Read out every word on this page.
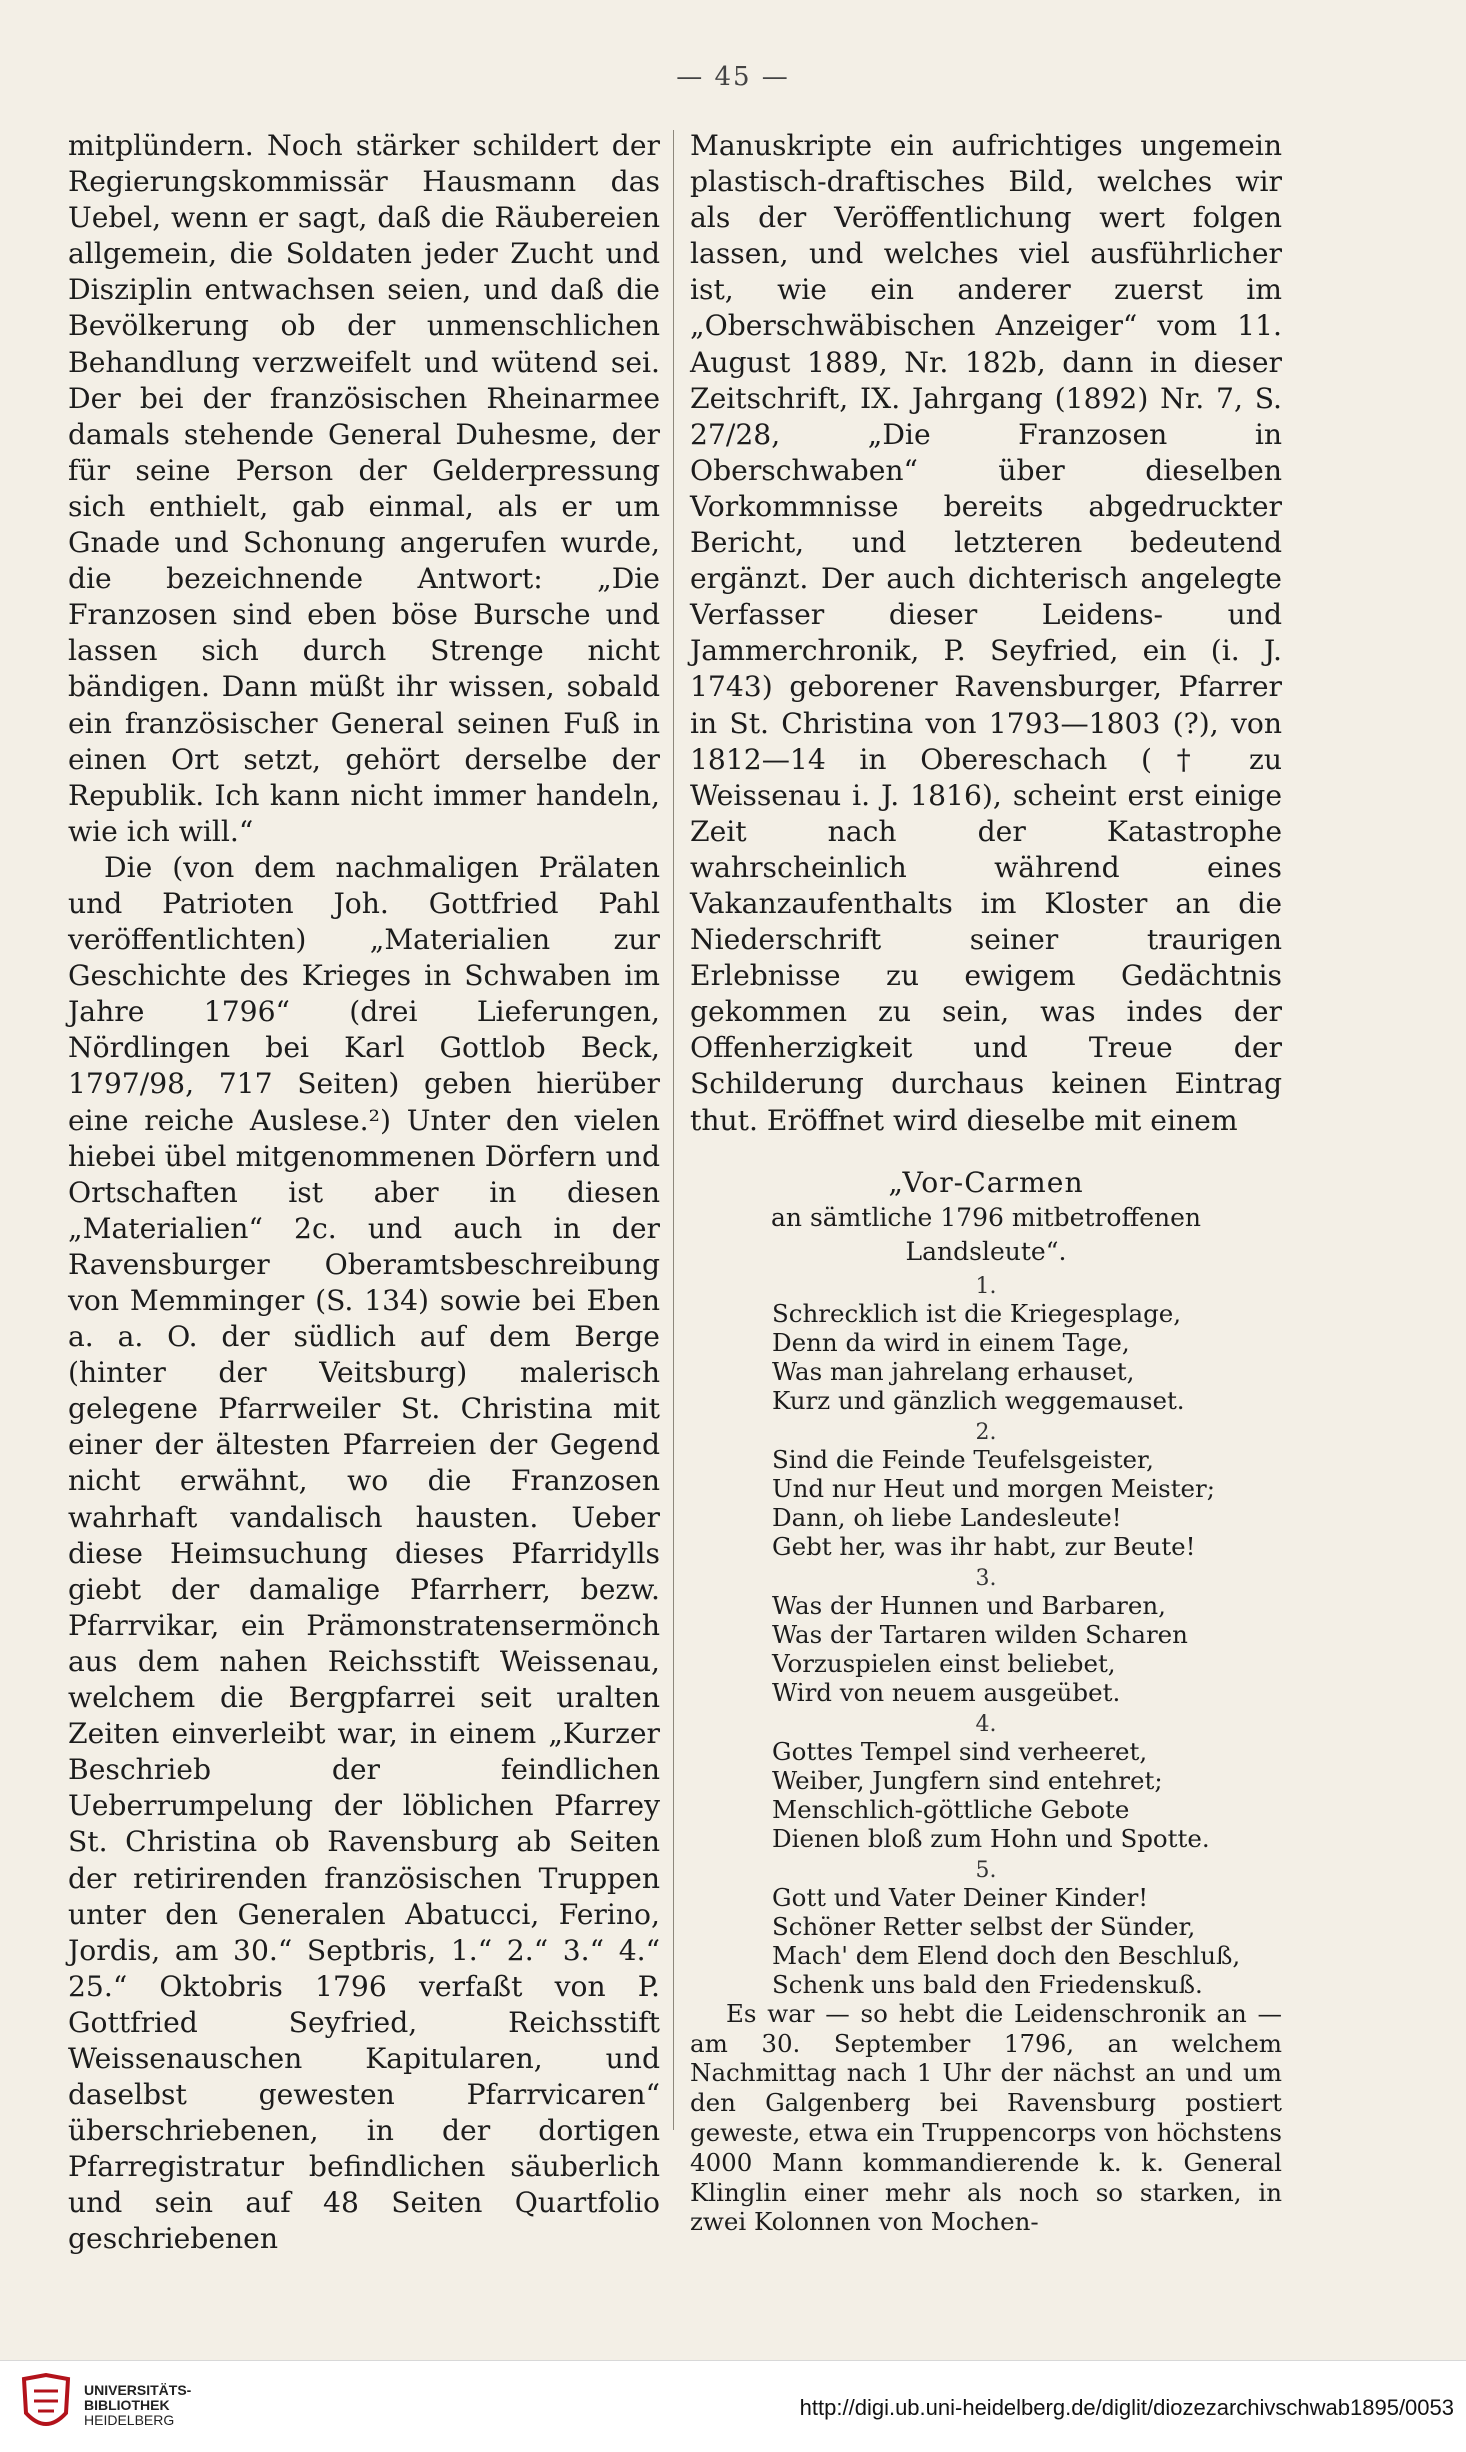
— 45 —

mitplündern. Noch stärker schildert der Regierungskommissär Hausmann das Uebel, wenn er sagt, daß die Räubereien allgemein, die Soldaten jeder Zucht und Disziplin entwachsen seien, und daß die Bevölkerung ob der unmenschlichen Behandlung verzweifelt und wütend sei. Der bei der französischen Rheinarmee damals stehende General Duhesme, der für seine Person der Gelderpressung sich enthielt, gab einmal, als er um Gnade und Schonung angerufen wurde, die bezeichnende Antwort: „Die Franzosen sind eben böse Bursche und lassen sich durch Strenge nicht bändigen. Dann müßt ihr wissen, sobald ein französischer General seinen Fuß in einen Ort setzt, gehört derselbe der Republik. Ich kann nicht immer handeln, wie ich will.“

Die (von dem nachmaligen Prälaten und Patrioten Joh. Gottfried Pahl veröffentlichten) „Materialien zur Geschichte des Krieges in Schwaben im Jahre 1796“ (drei Lieferungen, Nördlingen bei Karl Gottlob Beck, 1797/98, 717 Seiten) geben hierüber eine reiche Auslese.²) Unter den vielen hiebei übel mitgenommenen Dörfern und Ortschaften ist aber in diesen „Materialien“ 2c. und auch in der Ravensburger Oberamtsbeschreibung von Memminger (S. 134) sowie bei Eben a. a. O. der südlich auf dem Berge (hinter der Veitsburg) malerisch gelegene Pfarrweiler St. Christina mit einer der ältesten Pfarreien der Gegend nicht erwähnt, wo die Franzosen wahrhaft vandalisch hausten. Ueber diese Heimsuchung dieses Pfarridylls giebt der damalige Pfarrherr, bezw. Pfarrvikar, ein Prämonstratensermönch aus dem nahen Reichsstift Weissenau, welchem die Bergpfarrei seit uralten Zeiten einverleibt war, in einem „Kurzer Beschrieb der feindlichen Ueberrumpelung der löblichen Pfarrey St. Christina ob Ravensburg ab Seiten der retirirenden französischen Truppen unter den Generalen Abatucci, Ferino, Jordis, am 30.“ Septbris, 1.“ 2.“ 3.“ 4.“ 25.“ Oktobris 1796 verfaßt von P. Gottfried Seyfried, Reichsstift Weissenauschen Kapitularen, und daselbst gewesten Pfarrvicaren“ überschriebenen, in der dortigen Pfarregistratur befindlichen säuberlich und sein auf 48 Seiten Quartfolio geschriebenen

Manuskripte ein aufrichtiges ungemein plastisch-draftisches Bild, welches wir als der Veröffentlichung wert folgen lassen, und welches viel ausführlicher ist, wie ein anderer zuerst im „Oberschwäbischen Anzeiger“ vom 11. August 1889, Nr. 182b, dann in dieser Zeitschrift, IX. Jahrgang (1892) Nr. 7, S. 27/28, „Die Franzosen in Oberschwaben“ über dieselben Vorkommnisse bereits abgedruckter Bericht, und letzteren bedeutend ergänzt. Der auch dichterisch angelegte Verfasser dieser Leidens- und Jammerchronik, P. Seyfried, ein (i. J. 1743) geborener Ravensburger, Pfarrer in St. Christina von 1793—1803 (?), von 1812—14 in Obereschach († zu Weissenau i. J. 1816), scheint erst einige Zeit nach der Katastrophe wahrscheinlich während eines Vakanzaufenthalts im Kloster an die Niederschrift seiner traurigen Erlebnisse zu ewigem Gedächtnis gekommen zu sein, was indes der Offenherzigkeit und Treue der Schilderung durchaus keinen Eintrag thut. Eröffnet wird dieselbe mit einem

„Vor-Carmen
an sämtliche 1796 mitbetroffenen Landsleute“.
1.
Schrecklich ist die Kriegesplage,
Denn da wird in einem Tage,
Was man jahrelang erhauset,
Kurz und gänzlich weggemauset.
2.
Sind die Feinde Teufelsgeister,
Und nur Heut und morgen Meister;
Dann, oh liebe Landesleute!
Gebt her, was ihr habt, zur Beute!
3.
Was der Hunnen und Barbaren,
Was der Tartaren wilden Scharen
Vorzuspielen einst beliebet,
Wird von neuem ausgeübet.
4.
Gottes Tempel sind verheeret,
Weiber, Jungfern sind entehret;
Menschlich-göttliche Gebote
Dienen bloß zum Hohn und Spotte.
5.
Gott und Vater Deiner Kinder!
Schöner Retter selbst der Sünder,
Mach' dem Elend doch den Beschluß,
Schenk uns bald den Friedenskuß.

Es war — so hebt die Leidenschronik an — am 30. September 1796, an welchem Nachmittag nach 1 Uhr der nächst an und um den Galgenberg bei Ravensburg postiert geweste, etwa ein Truppencorps von höchstens 4000 Mann kommandierende k. k. General Klinglin einer mehr als noch so starken, in zwei Kolonnen von Mochen-

UNIVERSITÄTS-
BIBLIOTHEK
HEIDELBERG	http://digi.ub.uni-heidelberg.de/diglit/diozezarchivschwab1895/0053
